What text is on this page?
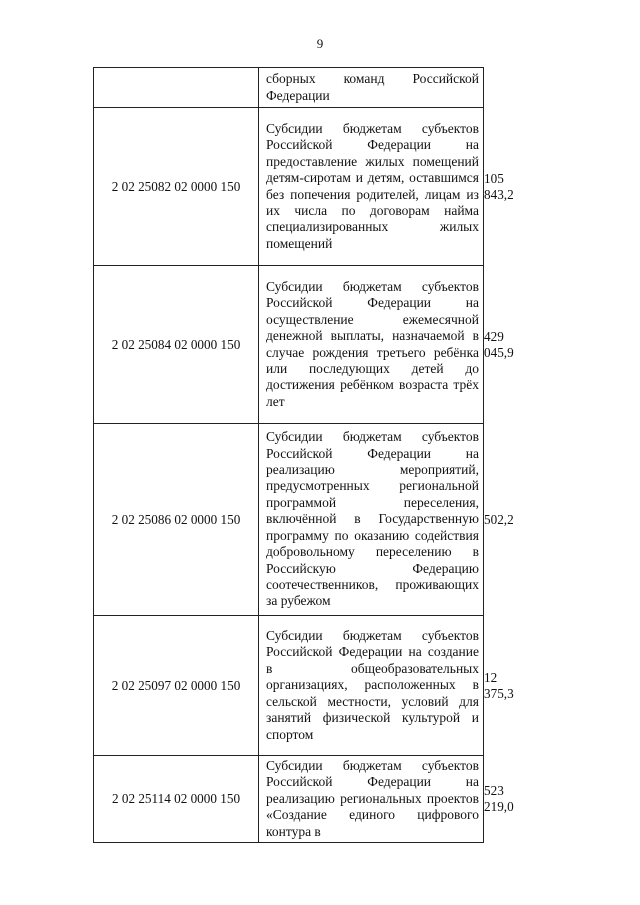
9

	сборных команд Российской Федерации	

2 02 25082 02 0000 150	Субсидии бюджетам субъектов Российской Федерации на предоставление жилых помещений детям-сиротам и детям, оставшимся без попечения родителей, лицам из их числа по договорам найма специализированных жилых помещений	105 843,2
2 02 25084 02 0000 150	Субсидии бюджетам субъектов Российской Федерации на осуществление ежемесячной денежной выплаты, назначаемой в случае рождения третьего ребёнка или последующих детей до достижения ребёнком возраста трёх лет	429 045,9
2 02 25086 02 0000 150	Субсидии бюджетам субъектов Российской Федерации на реализацию мероприятий, предусмотренных региональной программой переселения, включённой в Государственную программу по оказанию содействия добровольному переселению в Российскую Федерацию соотечественников, проживающих за рубежом	502,2
2 02 25097 02 0000 150	Субсидии бюджетам субъектов Российской Федерации на создание в общеобразовательных организациях, расположенных в сельской местности, условий для занятий физической культурой и спортом	12 375,3
2 02 25114 02 0000 150	Субсидии бюджетам субъектов Российской Федерации на реализацию региональных проектов «Создание единого цифрового контура в	523 219,0
